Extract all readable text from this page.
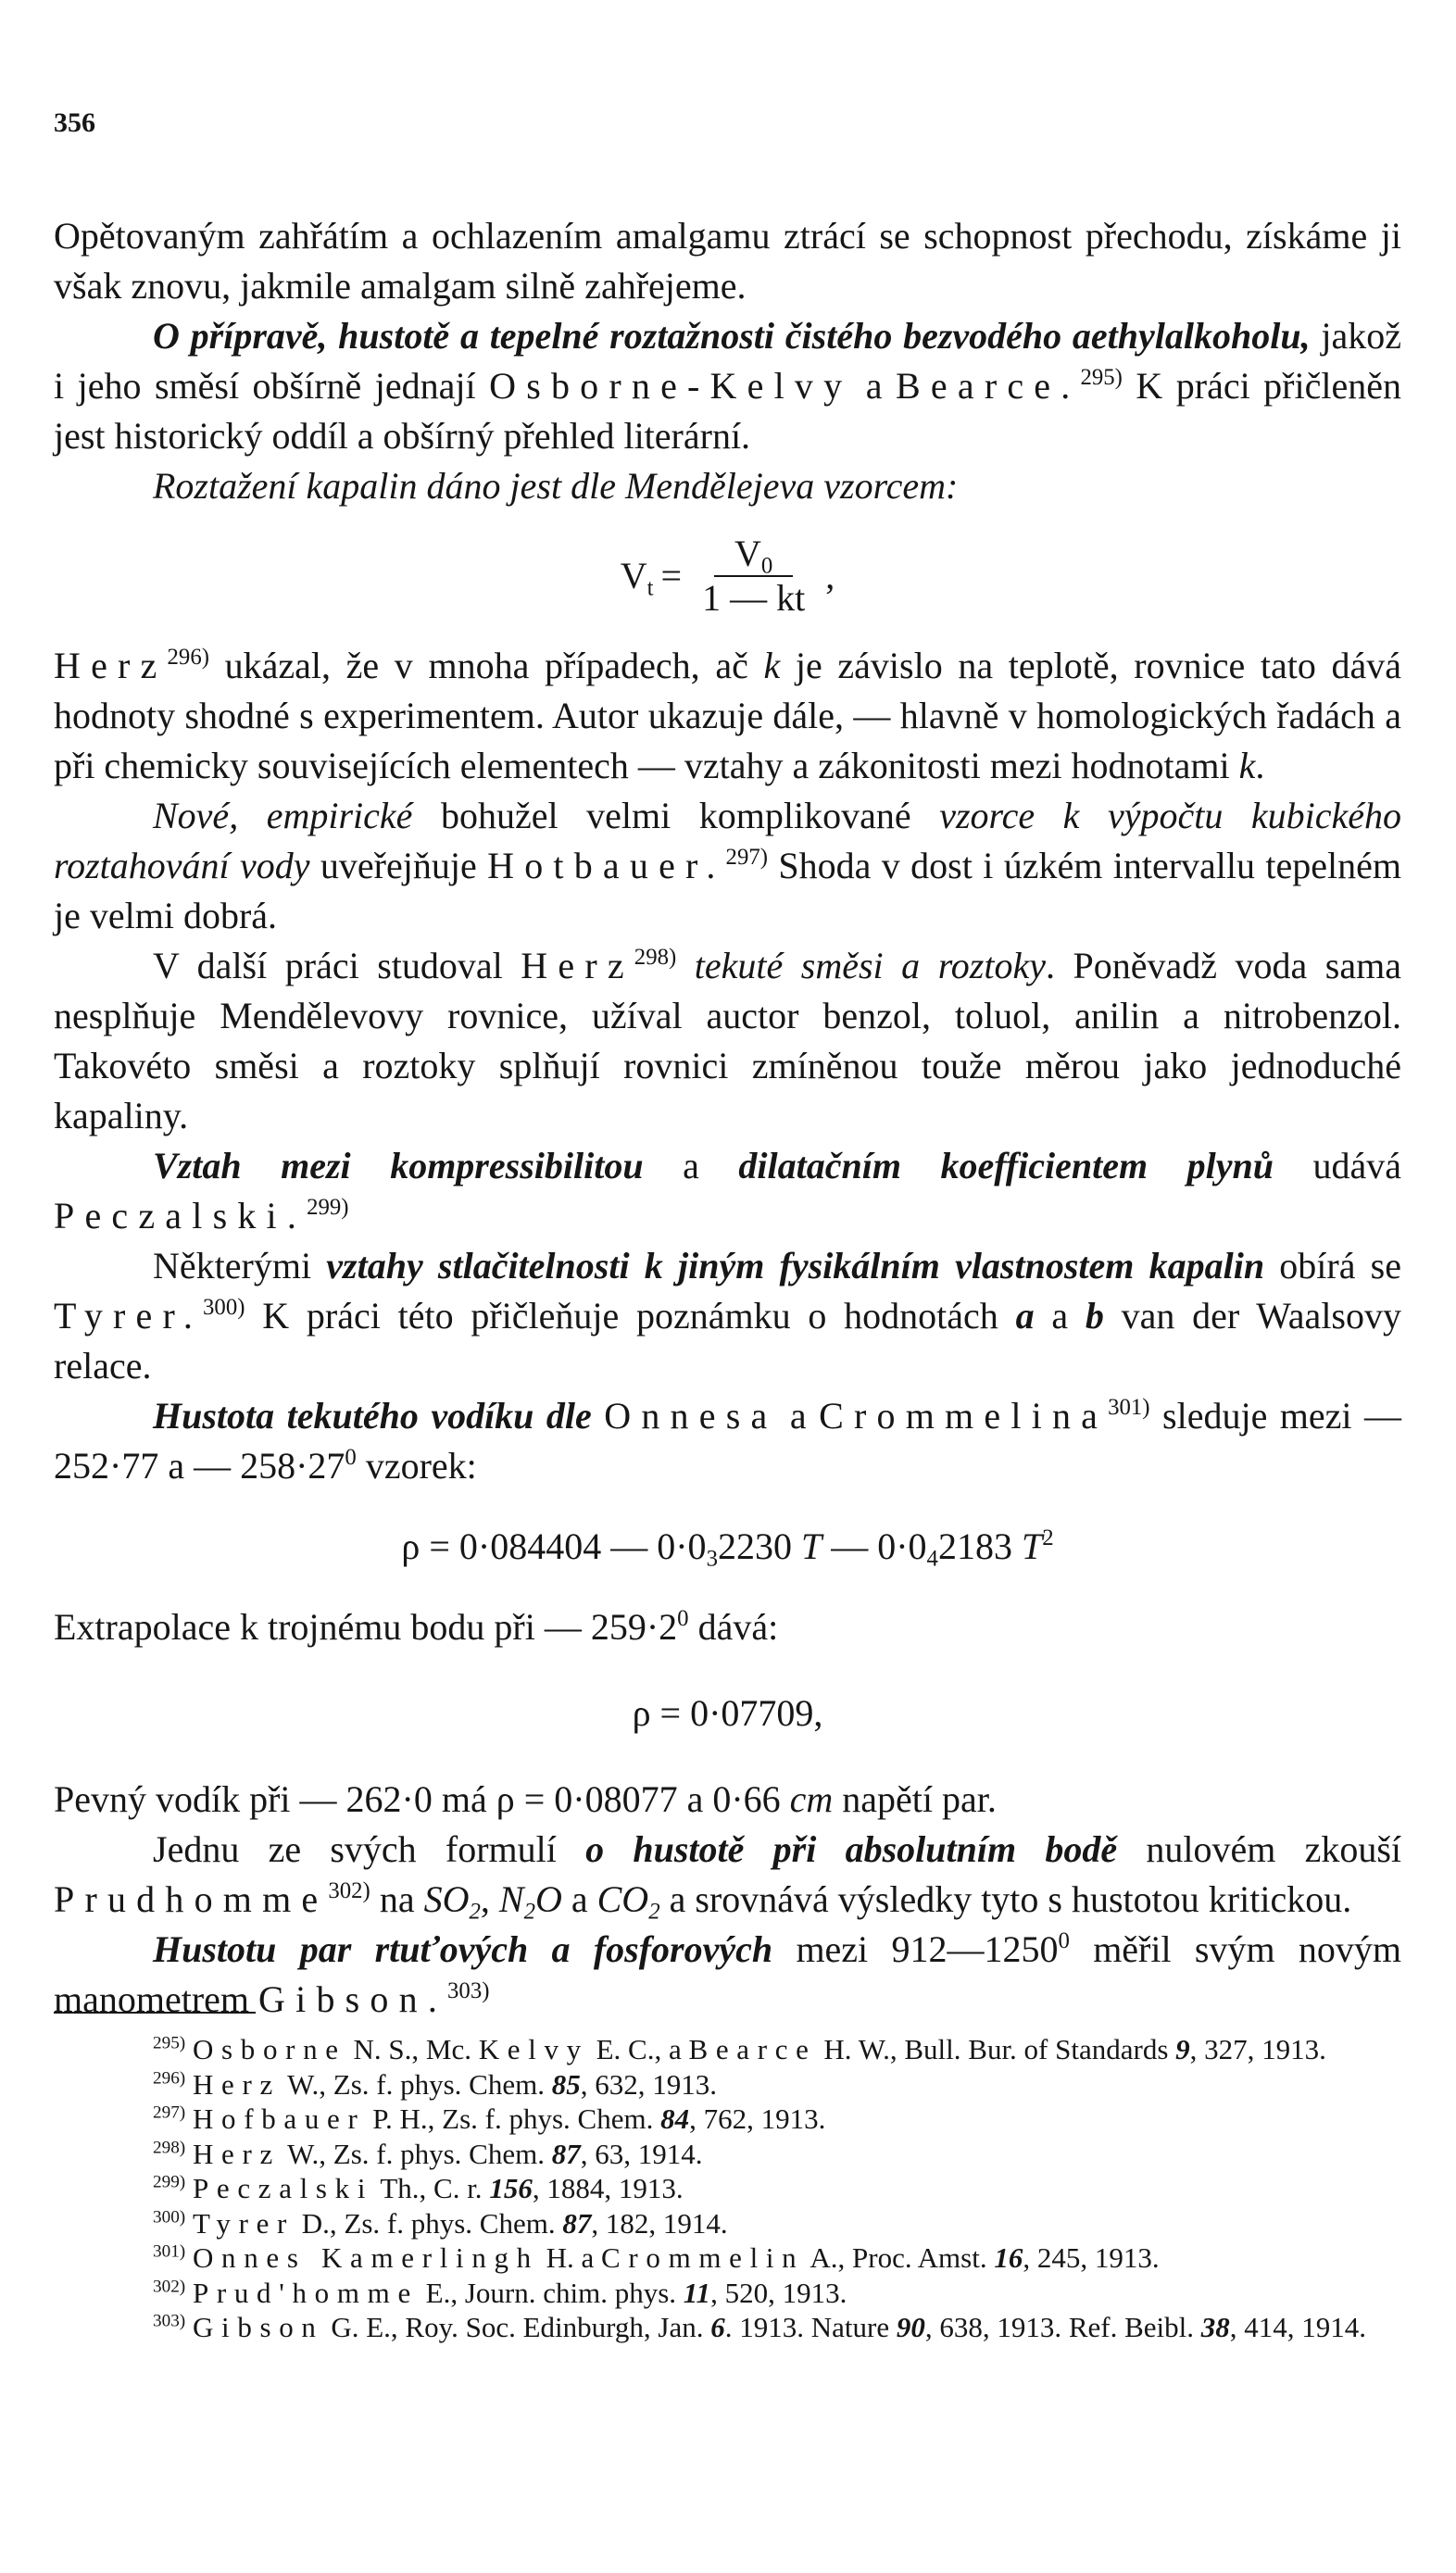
356

Opětovaným zahřátím a ochlazením amalgamu ztrácí se schopnost přechodu, získáme ji však znovu, jakmile amalgam silně zahřejeme.

O přípravě, hustotě a tepelné roztažnosti čistého bezvodého aethylalkoholu, jakož i jeho směsí obšírně jednají Osborne-Kelvy a Bearce.$^{295)}$ K práci přičleněn jest historický oddíl a obšírný přehled literární.

Roztažení kapalin dáno jest dle Mendělejeva vzorcem:

$V_t = \frac{V_0}{1 — kt}$ ,

Herz$^{296)}$ ukázal, že v mnoha případech, ač k je závislo na teplotě, rovnice tato dává hodnoty shodné s experimentem. Autor ukazuje dále, — hlavně v homologických řadách a při chemicky souvisejících elementech — vztahy a zákonitosti mezi hodnotami k.

Nové, empirické bohužel velmi komplikované vzorce k výpočtu kubického roztahování vody uveřejňuje Hotbauer.$^{297)}$ Shoda v dost i úzkém intervallu tepelném je velmi dobrá.

V další práci studoval Herz$^{298)}$ tekuté směsi a roztoky. Poněvadž voda sama nesplňuje Mendělevovy rovnice, užíval auctor benzol, toluol, anilin a nitrobenzol. Takovéto směsi a roztoky splňují rovnici zmíněnou touže měrou jako jednoduché kapaliny.

Vztah mezi kompressibilitou a dilatačním koefficientem plynů udává Peczalski.$^{299)}$

Některými vztahy stlačitelnosti k jiným fysikálním vlastnostem kapalin obírá se Tyrer.$^{300)}$ K práci této přičleňuje poznámku o hodnotách a a b van der Waalsovy relace.

Hustota tekutého vodíku dle Onnesa a Crommelina$^{301)}$ sleduje mezi — 252·77 a — $258\cdot 27^0$ vzorek:

ρ = 0·084404 — $0\cdot 0_32230$ T — $0\cdot 0_42183$ $T^2$

Extrapolace k trojnému bodu při — $259\cdot 2^0$ dává:

ρ = 0·07709,

Pevný vodík při — 262·0 má ρ = 0·08077 a 0·66 cm napětí par.

Jednu ze svých formulí o hustotě při absolutním bodě nulovém zkouší Prudhomme$^{302)}$ na $SO_2$, $N_2O$ a $CO_2$ a srovnává výsledky tyto s hustotou kritickou.

Hustotu par rtuťových a fosforových mezi 912—1250$^0$ měřil svým novým manometrem Gibson.$^{303)}$

$^{295)}$ Osborne N. S., Mc. Kelvy E. C., a Bearce H. W., Bull. Bur. of Standards 9, 327, 1913.

$^{296)}$ Herz W., Zs. f. phys. Chem. 85, 632, 1913.

$^{297)}$ Hofbauer P. H., Zs. f. phys. Chem. 84, 762, 1913.

$^{298)}$ Herz W., Zs. f. phys. Chem. 87, 63, 1914.

$^{299)}$ Peczalski Th., C. r. 156, 1884, 1913.

$^{300)}$ Tyrer D., Zs. f. phys. Chem. 87, 182, 1914.

$^{301)}$ Onnes Kamerlingh H. a Crommelin A., Proc. Amst. 16, 245, 1913.

$^{302)}$ Prud'homme E., Journ. chim. phys. 11, 520, 1913.

$^{303)}$ Gibson G. E., Roy. Soc. Edinburgh, Jan. 6. 1913. Nature 90, 638, 1913. Ref. Beibl. 38, 414, 1914.
